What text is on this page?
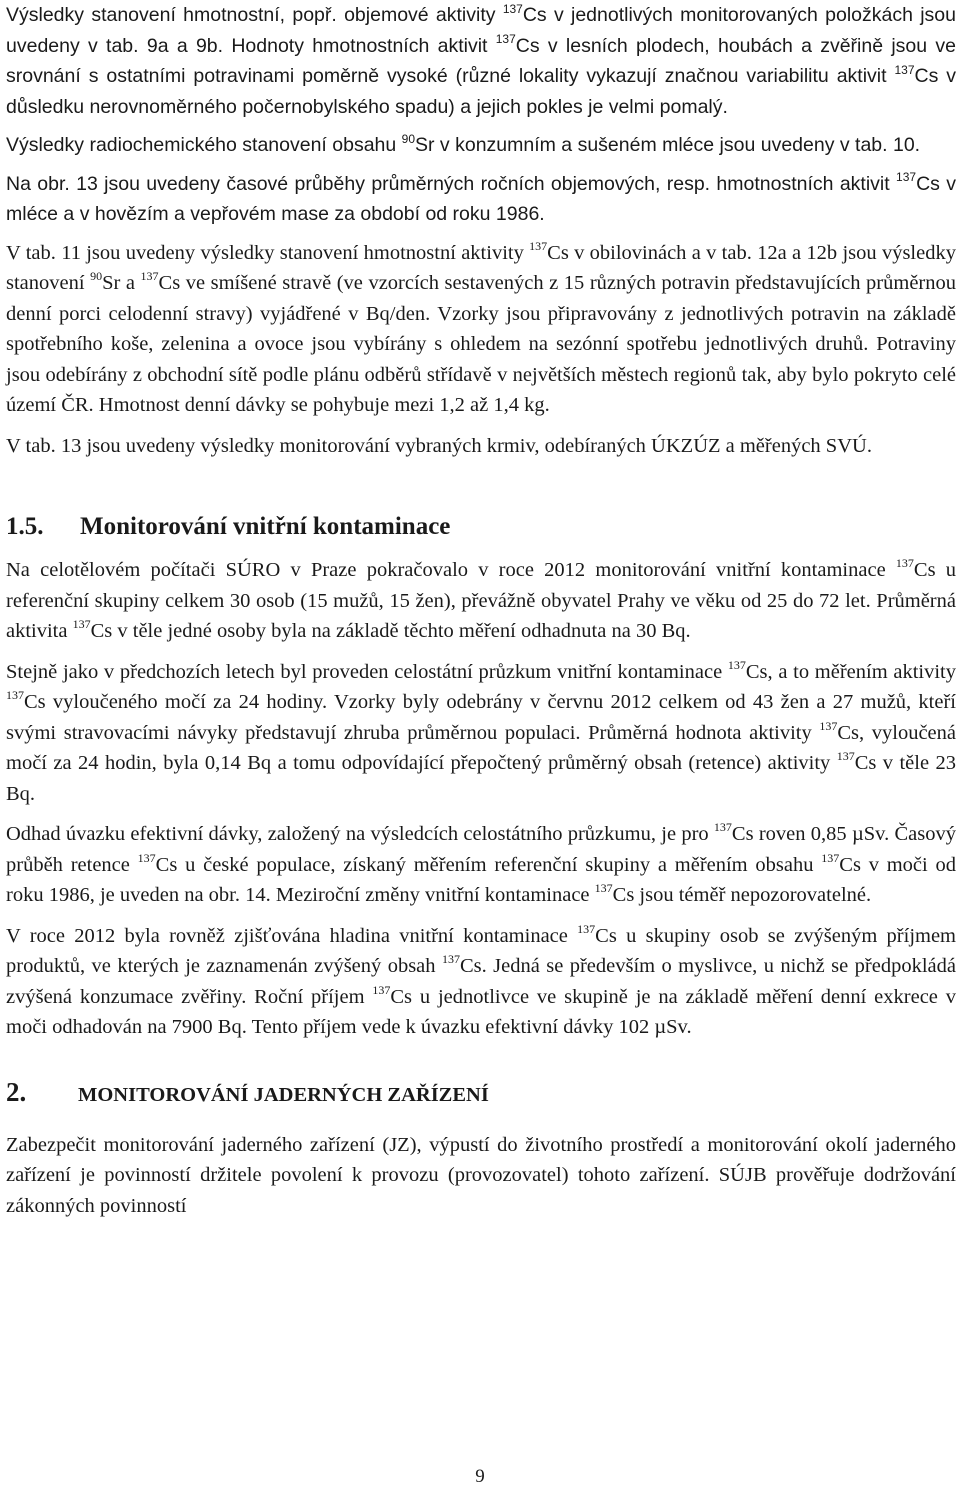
Výsledky stanovení hmotnostní, popř. objemové aktivity $^{137}$Cs v jednotlivých monitorovaných položkách jsou uvedeny v tab. 9a a 9b. Hodnoty hmotnostních aktivit $^{137}$Cs v lesních plodech, houbách a zvěřině jsou ve srovnání s ostatními potravinami poměrně vysoké (různé lokality vykazují značnou variabilitu aktivit $^{137}$Cs v důsledku nerovnoměrného počernobylského spadu) a jejich pokles je velmi pomalý.

Výsledky radiochemického stanovení obsahu $^{90}$Sr v konzumním a sušeném mléce jsou uvedeny v tab. 10.

Na obr. 13 jsou uvedeny časové průběhy průměrných ročních objemových, resp. hmotnostních aktivit $^{137}$Cs v mléce a v hovězím a vepřovém mase za období od roku 1986.

V tab. 11 jsou uvedeny výsledky stanovení hmotnostní aktivity $^{137}$Cs v obilovinách a v tab. 12a a 12b jsou výsledky stanovení $^{90}$Sr a $^{137}$Cs ve smíšené stravě (ve vzorcích sestavených z 15 různých potravin představujících průměrnou denní porci celodenní stravy) vyjádřené v Bq/den. Vzorky jsou připravovány z jednotlivých potravin na základě spotřebního koše, zelenina a ovoce jsou vybírány s ohledem na sezónní spotřebu jednotlivých druhů. Potraviny jsou odebírány z obchodní sítě podle plánu odběrů střídavě v největších městech regionů tak, aby bylo pokryto celé území ČR. Hmotnost denní dávky se pohybuje mezi 1,2 až 1,4 kg.

V tab. 13 jsou uvedeny výsledky monitorování vybraných krmiv, odebíraných ÚKZÚZ a měřených SVÚ.

1.5.	Monitorování vnitřní kontaminace

Na celotělovém počítači SÚRO v Praze pokračovalo v roce 2012 monitorování vnitřní kontaminace $^{137}$Cs u referenční skupiny celkem 30 osob (15 mužů, 15 žen), převážně obyvatel Prahy ve věku od 25 do 72 let. Průměrná aktivita $^{137}$Cs v těle jedné osoby byla na základě těchto měření odhadnuta na 30 Bq.

Stejně jako v předchozích letech byl proveden celostátní průzkum vnitřní kontaminace $^{137}$Cs, a to měřením aktivity $^{137}$Cs vyloučeného močí za 24 hodiny. Vzorky byly odebrány v červnu 2012 celkem od 43 žen a 27 mužů, kteří svými stravovacími návyky představují zhruba průměrnou populaci. Průměrná hodnota aktivity $^{137}$Cs, vyloučená močí za 24 hodin, byla 0,14 Bq a tomu odpovídající přepočtený průměrný obsah (retence) aktivity $^{137}$Cs v těle 23 Bq.

Odhad úvazku efektivní dávky, založený na výsledcích celostátního průzkumu, je pro $^{137}$Cs roven 0,85 µSv. Časový průběh retence $^{137}$Cs u české populace, získaný měřením referenční skupiny a měřením obsahu $^{137}$Cs v moči od roku 1986, je uveden na obr. 14. Meziroční změny vnitřní kontaminace $^{137}$Cs jsou téměř nepozorovatelné.

V roce 2012 byla rovněž zjišťována hladina vnitřní kontaminace $^{137}$Cs u skupiny osob se zvýšeným příjmem produktů, ve kterých je zaznamenán zvýšený obsah $^{137}$Cs. Jedná se především o myslivce, u nichž se předpokládá zvýšená konzumace zvěřiny. Roční příjem $^{137}$Cs u jednotlivce ve skupině je na základě měření denní exkrece v moči odhadován na 7900 Bq. Tento příjem vede k úvazku efektivní dávky 102 µSv.

2.	MONITOROVÁNÍ JADERNÝCH ZAŘÍZENÍ

Zabezpečit monitorování jaderného zařízení (JZ), výpustí do životního prostředí a monitorování okolí jaderného zařízení je povinností držitele povolení k provozu (provozovatel) tohoto zařízení. SÚJB prověřuje dodržování zákonných povinností

9
